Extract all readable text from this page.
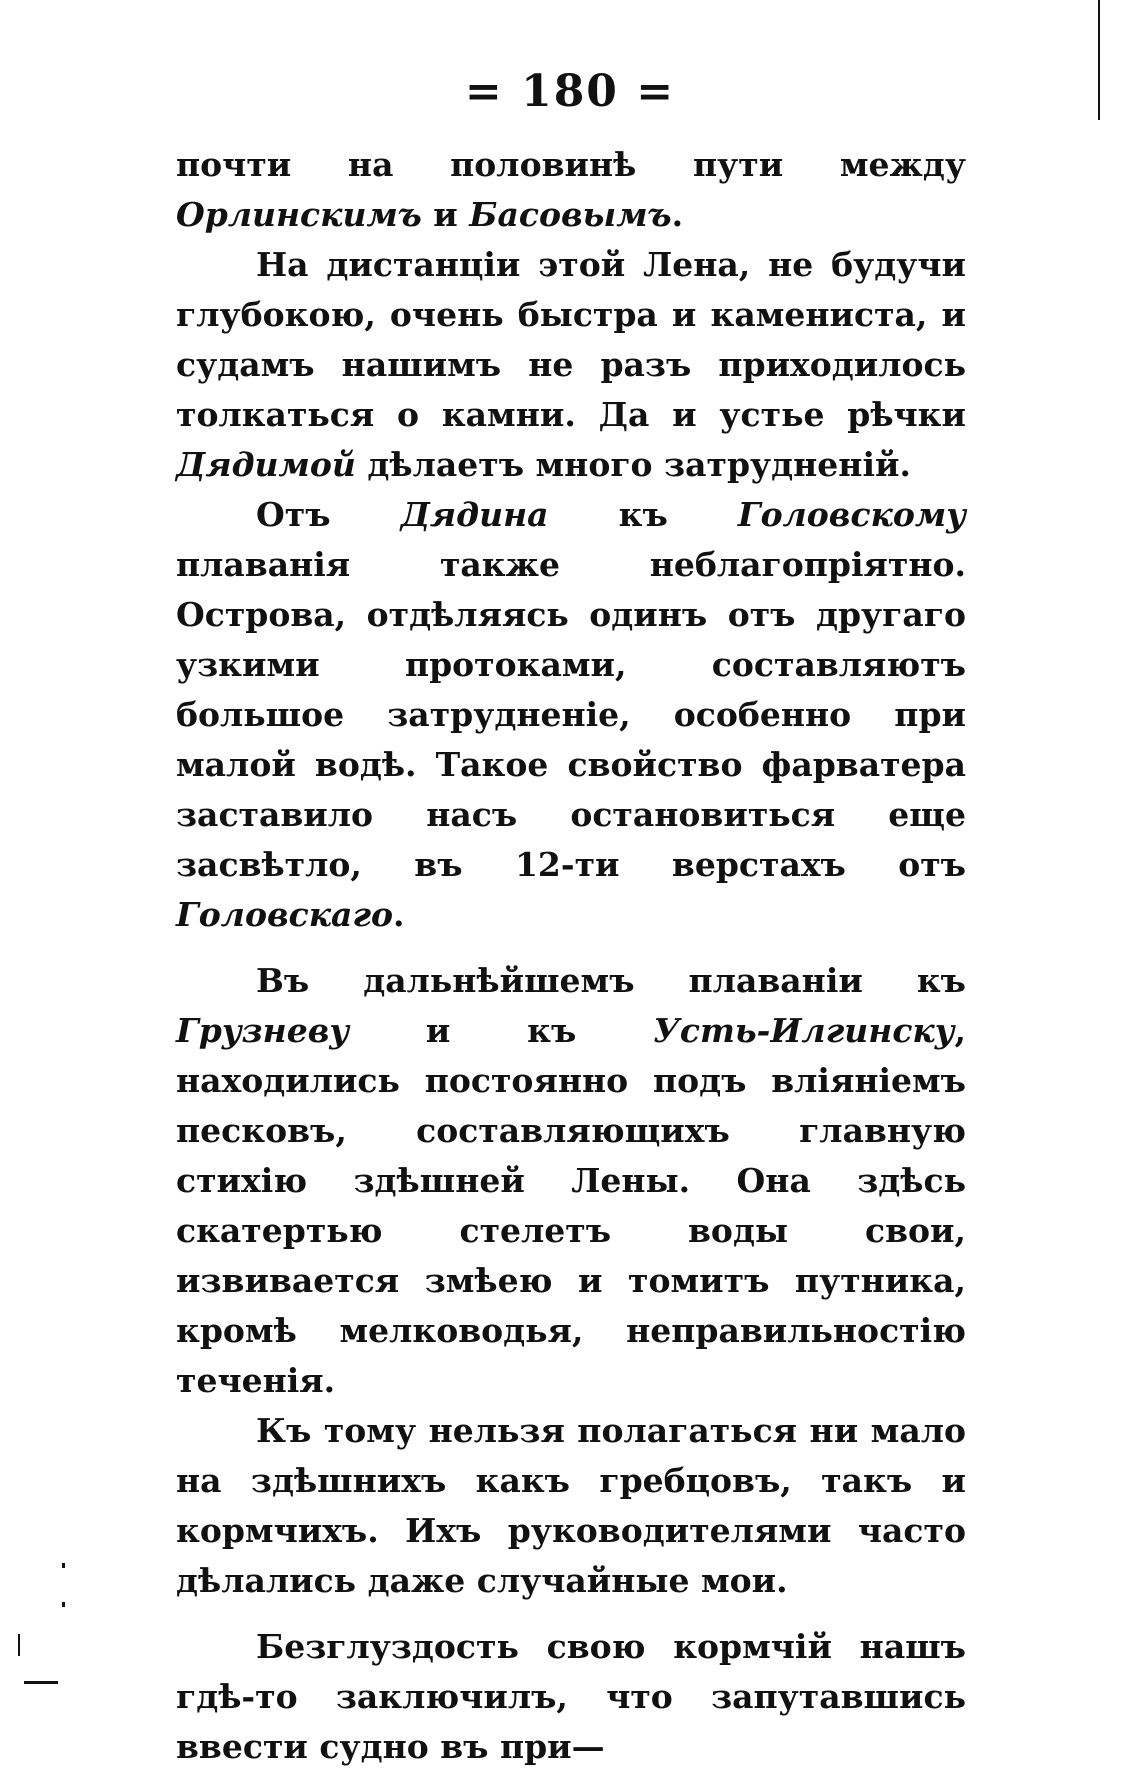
= 180 =

почти на половинѣ пути между Орлинскимъ и Басовымъ.

На дистанціи этой Лена, не будучи глубокою, очень быстра и камениста, и судамъ нашимъ не разъ приходилось толкаться о камни. Да и устье рѣчки Дядимой дѣлаетъ много затрудненій.

Отъ Дядина къ Головскому плаванія также неблагопріятно. Острова, отдѣляясь одинъ отъ другаго узкими протоками, составляютъ большое затрудненіе, особенно при малой водѣ. Такое свойство фарватера заставило насъ остановиться еще засвѣтло, въ 12-ти верстахъ отъ Головскаго.

Въ дальнѣйшемъ плаваніи къ Грузневу и къ Усть-Илгинску, находились постоянно подъ вліяніемъ песковъ, составляющихъ главную стихію здѣшней Лены. Она здѣсь скатертью стелетъ воды свои, извивается змѣею и томитъ путника, кромѣ мелководья, неправильностію теченія.

Къ тому нельзя полагаться ни мало на здѣшнихъ какъ гребцовъ, такъ и кормчихъ. Ихъ руководителями часто дѣлались даже случайные мои.

Безглуздость свою кормчій нашъ гдѣ-то заключилъ, что запутавшись ввести судно въ при—
